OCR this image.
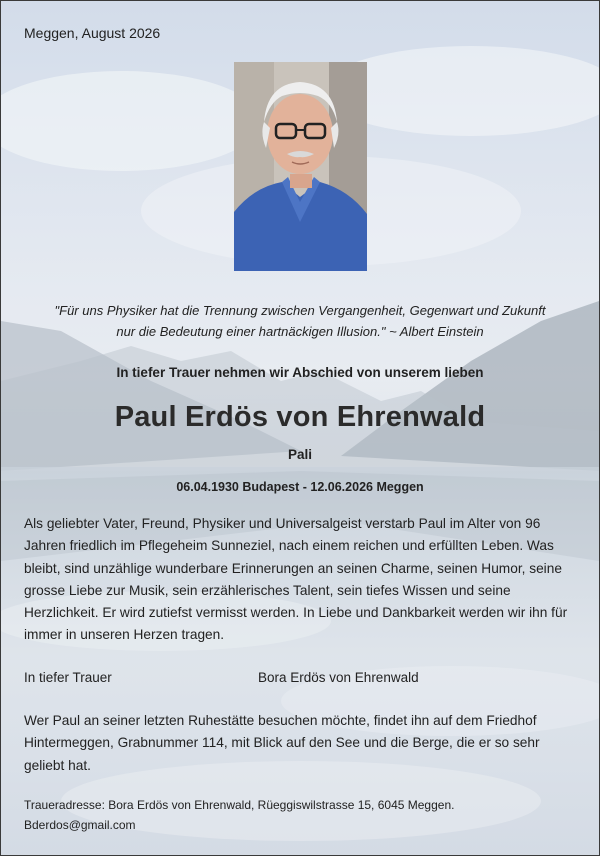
Meggen, August 2026
"Für uns Physiker hat die Trennung zwischen Vergangenheit, Gegenwart und Zukunft
nur die Bedeutung einer hartnäckigen Illusion." ~ Albert Einstein
In tiefer Trauer nehmen wir Abschied von unserem lieben
Paul Erdös von Ehrenwald
Pali
06.04.1930 Budapest - 12.06.2026 Meggen

Als geliebter Vater, Freund, Physiker und Universalgeist verstarb Paul im Alter von 96 Jahren friedlich im Pflegeheim Sunneziel, nach einem reichen und erfüllten Leben. Was bleibt, sind unzählige wunderbare Erinnerungen an seinen Charme, seinen Humor, seine grosse Liebe zur Musik, sein erzählerisches Talent, sein tiefes Wissen und seine Herzlichkeit. Er wird zutiefst vermisst werden. In Liebe und Dankbarkeit werden wir ihn für immer in unseren Herzen tragen.

In tiefer Trauer	Bora Erdös von Ehrenwald

Wer Paul an seiner letzten Ruhestätte besuchen möchte, findet ihn auf dem Friedhof Hintermeggen, Grabnummer 114, mit Blick auf den See und die Berge, die er so sehr geliebt hat.

Traueradresse: Bora Erdös von Ehrenwald, Rüeggiswilstrasse 15, 6045 Meggen.
Bderdos@gmail.com
